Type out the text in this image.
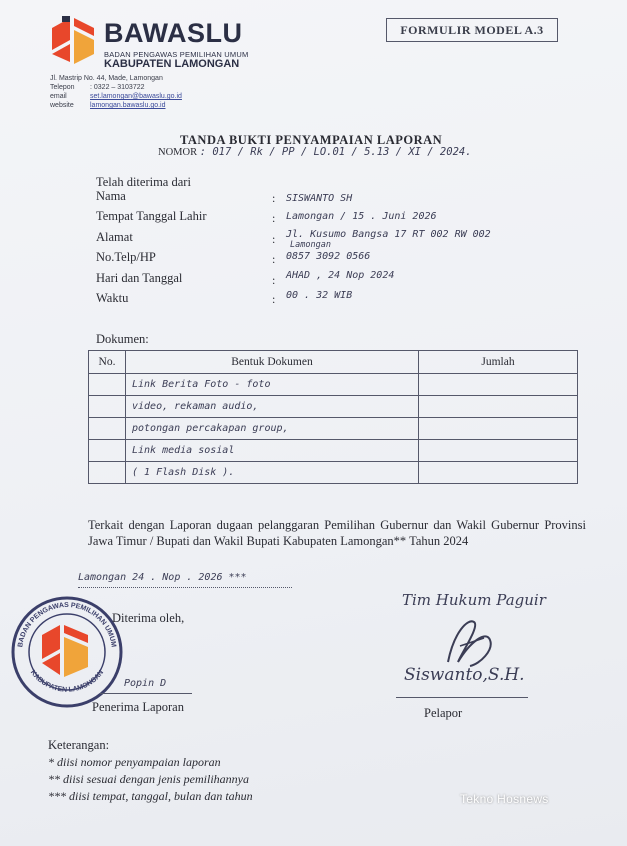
BAWASLU
BADAN PENGAWAS PEMILIHAN UMUM
KABUPATEN LAMONGAN
Jl. Mastrip No. 44, Made, Lamongan
Telepon : 0322 – 3103722
email	set.lamongan@bawaslu.go.id
website lamongan.bawaslu.go.id
FORMULIR MODEL A.3
TANDA BUKTI PENYAMPAIAN LAPORAN
NOMOR : 017 / Rk / PP / LO.01 / 5.13 / XI / 2024.
Telah diterima dari
Nama	: SISWANTO SH
Tempat Tanggal Lahir	: Lamongan / 15 . Juni 2026
Alamat	: Jl. Kusumo Bangsa 17 RT 002 RW 002
Lamongan
No.Telp/HP	: 0857 3092 0566
Hari dan Tanggal	: AHAD , 24 Nop 2024
Waktu	: 00 . 32 WIB
Dokumen:
No.	Bentuk Dokumen	Jumlah
	Link Berita Foto - foto	
	video, rekaman audio,	
	potongan percakapan group,	
	Link media sosial	
	( 1 Flash Disk ).	
Terkait dengan Laporan dugaan pelanggaran Pemilihan Gubernur dan Wakil Gubernur Provinsi Jawa Timur / Bupati dan Wakil Bupati Kabupaten Lamongan** Tahun 2024
Lamongan 24 . Nop . 2026 ***
BADAN PENGAWAS PEMILIHAN UMUM
KABUPATEN LAMONGAN
Diterima oleh,
Popin D
Penerima Laporan
Tim Hukum Paguir
Siswanto,S.H.
Pelapor
Keterangan:
* diisi nomor penyampaian laporan
** diisi sesuai dengan jenis pemilihannya
*** diisi tempat, tanggal, bulan dan tahun	Tekno Hosnews
